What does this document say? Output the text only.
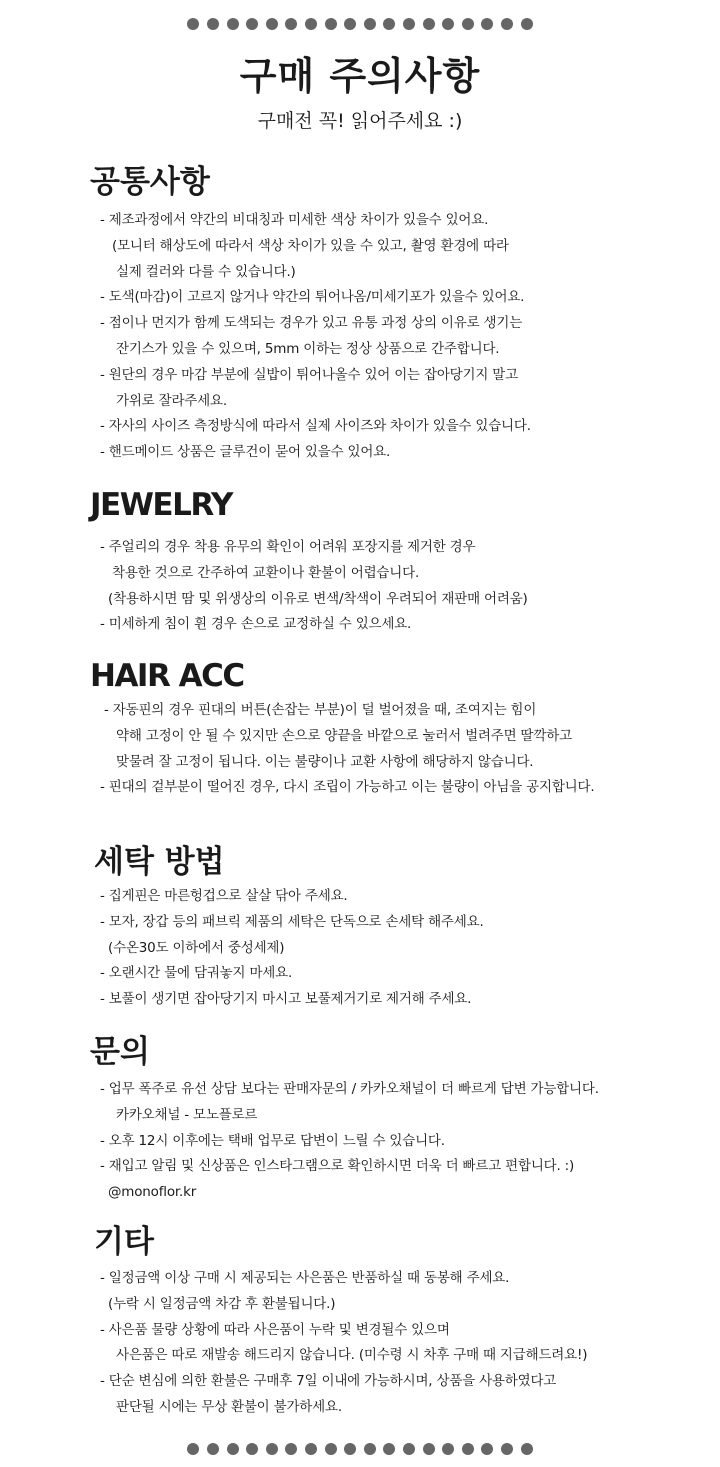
구매 주의사항
구매전 꼭! 읽어주세요 :)
공통사항
- 제조과정에서 약간의 비대칭과 미세한 색상 차이가 있을수 있어요.
(모니터 해상도에 따라서 색상 차이가 있을 수 있고, 촬영 환경에 따라
실제 컬러와 다를 수 있습니다.)
- 도색(마감)이 고르지 않거나 약간의 튀어나옴/미세기포가 있을수 있어요.
- 점이나 먼지가 함께 도색되는 경우가 있고 유통 과정 상의 이유로 생기는
잔기스가 있을 수 있으며, 5mm 이하는 정상 상품으로 간주합니다.
- 원단의 경우 마감 부분에 실밥이 튀어나올수 있어 이는 잡아당기지 말고
가위로 잘라주세요.
- 자사의 사이즈 측정방식에 따라서 실제 사이즈와 차이가 있을수 있습니다.
- 핸드메이드 상품은 글루건이 묻어 있을수 있어요.
JEWELRY
- 주얼리의 경우 착용 유무의 확인이 어려워 포장지를 제거한 경우
착용한 것으로 간주하여 교환이나 환불이 어렵습니다.
(착용하시면 땀 및 위생상의 이유로 변색/착색이 우려되어 재판매 어려움)
- 미세하게 침이 휜 경우 손으로 교정하실 수 있으세요.
HAIR ACC
- 자동핀의 경우 핀대의 버튼(손잡는 부분)이 덜 벌어졌을 때, 조여지는 힘이
약해 고정이 안 될 수 있지만 손으로 양끝을 바깥으로 눌러서 벌려주면 딸깍하고
맞물려 잘 고정이 됩니다. 이는 불량이나 교환 사항에 해당하지 않습니다.
- 핀대의 겉부분이 떨어진 경우, 다시 조립이 가능하고 이는 불량이 아님을 공지합니다.
세탁 방법
- 집게핀은 마른헝겁으로 살살 닦아 주세요.
- 모자, 장갑 등의 패브릭 제품의 세탁은 단독으로 손세탁 해주세요.
(수온30도 이하에서 중성세제)
- 오랜시간 물에 담궈놓지 마세요.
- 보풀이 생기면 잡아당기지 마시고 보풀제거기로 제거해 주세요.
문의
- 업무 폭주로 유선 상담 보다는 판매자문의 / 카카오채널이 더 빠르게 답변 가능합니다.
카카오채널 - 모노플로르
- 오후 12시 이후에는 택배 업무로 답변이 느릴 수 있습니다.
- 재입고 알림 및 신상품은 인스타그램으로 확인하시면 더욱 더 빠르고 편합니다. :)
@monoflor.kr
기타
- 일정금액 이상 구매 시 제공되는 사은품은 반품하실 때 동봉해 주세요.
(누락 시 일정금액 차감 후 환불됩니다.)
- 사은품 물량 상황에 따라 사은품이 누락 및 변경될수 있으며
사은품은 따로 재발송 해드리지 않습니다. (미수령 시 차후 구매 때 지급해드려요!)
- 단순 변심에 의한 환불은 구매후 7일 이내에 가능하시며, 상품을 사용하였다고
판단될 시에는 무상 환불이 불가하세요.
